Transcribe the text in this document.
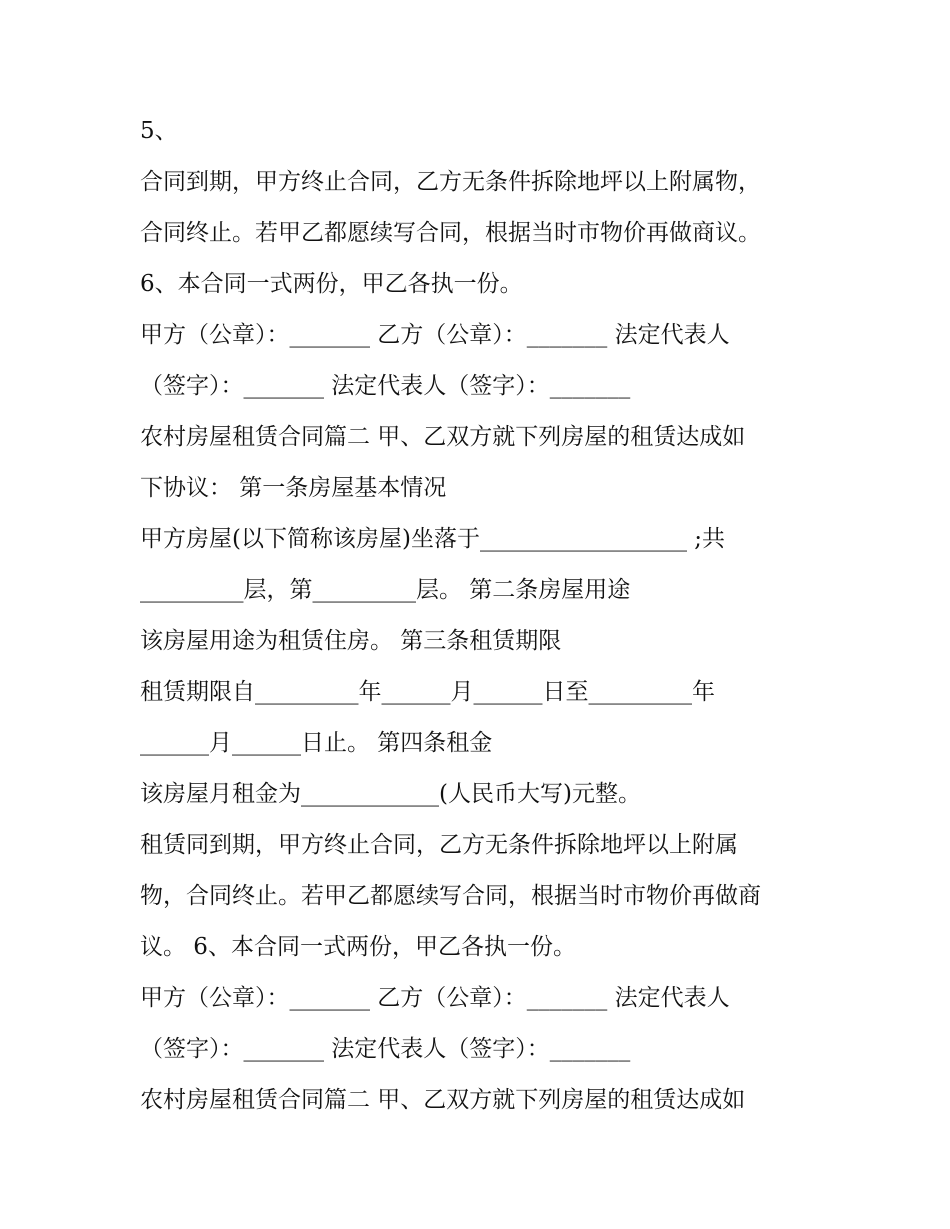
5、
合同到期，甲方终止合同，乙方无条件拆除地坪以上附属物，
合同终止。若甲乙都愿续写合同，根据当时市物价再做商议。
6、本合同一式两份，甲乙各执一份。
甲方（公章）：_______ 乙方（公章）：_______ 法定代表人
（签字）：_______ 法定代表人（签字）：_______
农村房屋租赁合同篇二 甲、乙双方就下列房屋的租赁达成如
下协议： 第一条房屋基本情况
甲方房屋(以下简称该房屋)坐落于__________________ ;共
_________层，第_________层。 第二条房屋用途
该房屋用途为租赁住房。 第三条租赁期限
租赁期限自_________年______月______日至_________年
______月______日止。 第四条租金
该房屋月租金为____________(人民币大写)元整。
租赁同到期，甲方终止合同，乙方无条件拆除地坪以上附属
物，合同终止。若甲乙都愿续写合同，根据当时市物价再做商
议。 6、本合同一式两份，甲乙各执一份。
甲方（公章）：_______ 乙方（公章）：_______ 法定代表人
（签字）：_______ 法定代表人（签字）：_______
农村房屋租赁合同篇二 甲、乙双方就下列房屋的租赁达成如
